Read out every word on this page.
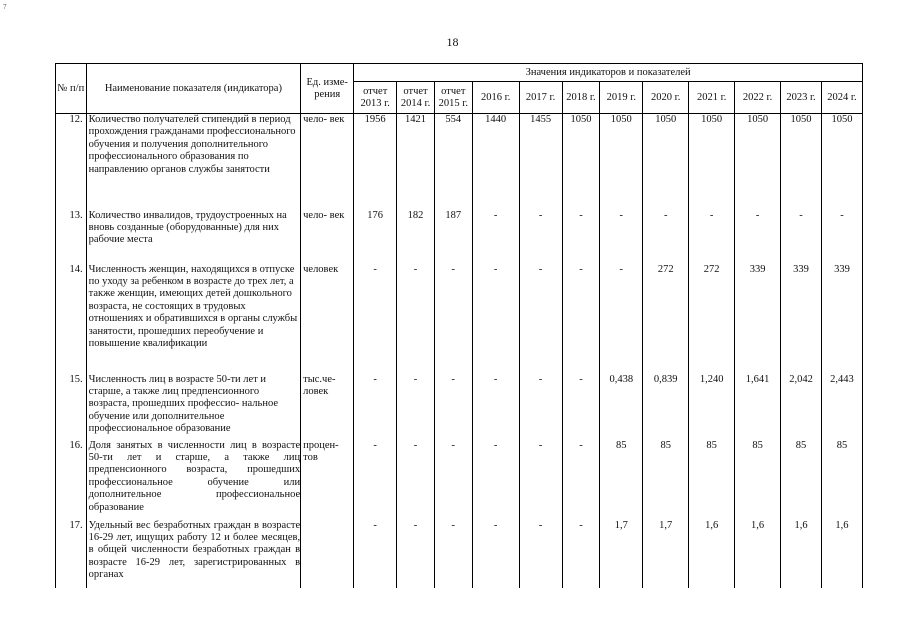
7
18
№ п/п	Наименование показателя (индикатора)	Ед. изме- рения	Значения индикаторов и показателей											
			отчет 2013 г.	отчет 2014 г.	отчет 2015 г.	2016 г.	2017 г.	2018 г.	2019 г.	2020 г.	2021 г.	2022 г.	2023 г.	2024 г.
12.	Количество получателей стипендий в период прохождения гражданами профессионального обучения и получения дополнительного профессионального образования по направлению органов службы занятости	чело- век	1956	1421	554	1440	1455	1050	1050	1050	1050	1050	1050	1050
13.	Количество инвалидов, трудоустроенных на вновь созданные (оборудованные) для них рабочие места	чело- век	176	182	187	-	-	-	-	-	-	-	-	-
14.	Численность женщин, находящихся в отпуске по уходу за ребенком в возрасте до трех лет, а также женщин, имеющих детей дошкольного возраста, не состоящих в трудовых отношениях и обратившихся в органы службы занятости, прошедших переобучение и повышение квалификации	человек	-	-	-	-	-	-	-	272	272	339	339	339
15.	Численность лиц в возрасте 50-ти лет и старше, а также лиц предпенсионного возраста, прошедших профессио- нальное обучение или дополнительное профессиональное образование	тыс.че- ловек	-	-	-	-	-	-	0,438	0,839	1,240	1,641	2,042	2,443
16.	Доля занятых в численности лиц в возрасте 50-ти лет и старше, а также лиц предпенсионного возраста, прошедших профессиональное обучение или дополнительное профессиональное образование	процен- тов	-	-	-	-	-	-	85	85	85	85	85	85
17.	Удельный вес безработных граждан в возрасте 16-29 лет, ищущих работу 12 и более месяцев, в общей численности безработных граждан в возрасте 16-29 лет, зарегистрированных в органах		-	-	-	-	-	-	1,7	1,7	1,6	1,6	1,6	1,6
